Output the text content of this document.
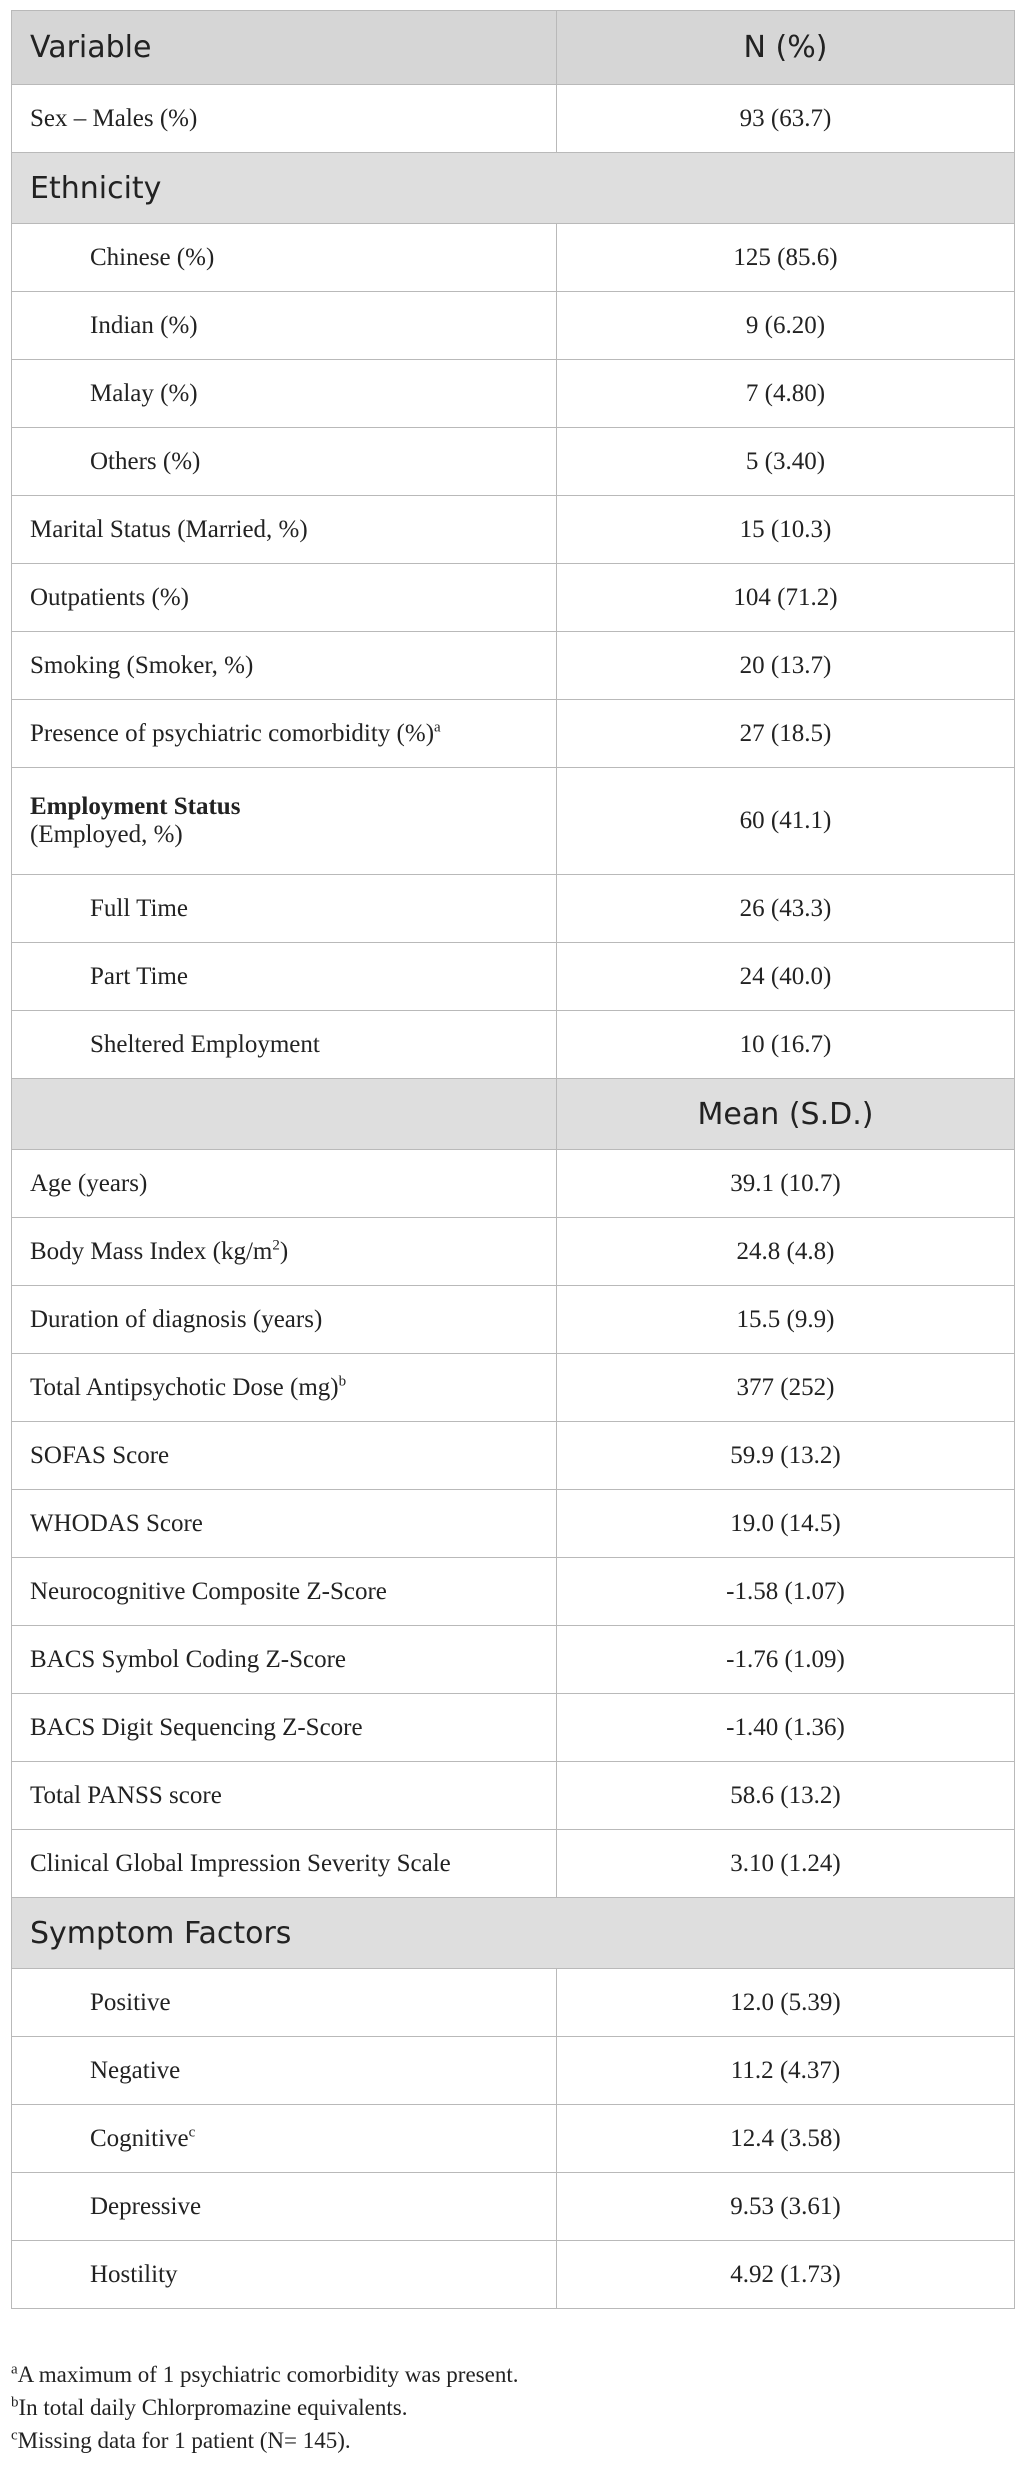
Variable	N (%)
Sex – Males (%)	93 (63.7)
Ethnicity	
Chinese (%)	125 (85.6)
Indian (%)	9 (6.20)
Malay (%)	7 (4.80)
Others (%)	5 (3.40)
Marital Status (Married, %)	15 (10.3)
Outpatients (%)	104 (71.2)
Smoking (Smoker, %)	20 (13.7)
Presence of psychiatric comorbidity (%)$^a$	27 (18.5)
Employment Status
(Employed, %)	60 (41.1)
Full Time	26 (43.3)
Part Time	24 (40.0)
Sheltered Employment	10 (16.7)
	Mean (S.D.)
Age (years)	39.1 (10.7)
Body Mass Index $(kg/m^2)$	24.8 (4.8)
Duration of diagnosis (years)	15.5 (9.9)
Total Antipsychotic Dose (mg)$^b$	377 (252)
SOFAS Score	59.9 (13.2)
WHODAS Score	19.0 (14.5)
Neurocognitive Composite Z-Score	-1.58 (1.07)
BACS Symbol Coding Z-Score	-1.76 (1.09)
BACS Digit Sequencing Z-Score	-1.40 (1.36)
Total PANSS score	58.6 (13.2)
Clinical Global Impression Severity Scale	3.10 (1.24)
Symptom Factors	
Positive	12.0 (5.39)
Negative	11.2 (4.37)
Cognitive$^c$	12.4 (3.58)
Depressive	9.53 (3.61)
Hostility	4.92 (1.73)
$^a$A maximum of 1 psychiatric comorbidity was present.
$^b$In total daily Chlorpromazine equivalents.
$^c$Missing data for 1 patient (N= 145).
